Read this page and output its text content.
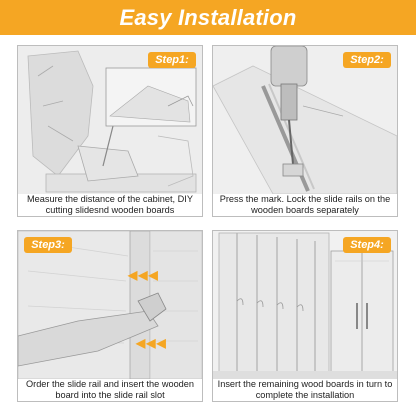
Easy Installation
Step1:
Measure the distance of the cabinet, DIY cutting slidesnd wooden boards
Step2:
Press the mark. Lock the slide rails on the wooden boards separately
◀ ◀ ◀
◀ ◀ ◀
Step3:
Order the slide rail and insert the wooden board into the slide rail slot
Step4:
Insert the remaining wood boards in turn to complete the installation
